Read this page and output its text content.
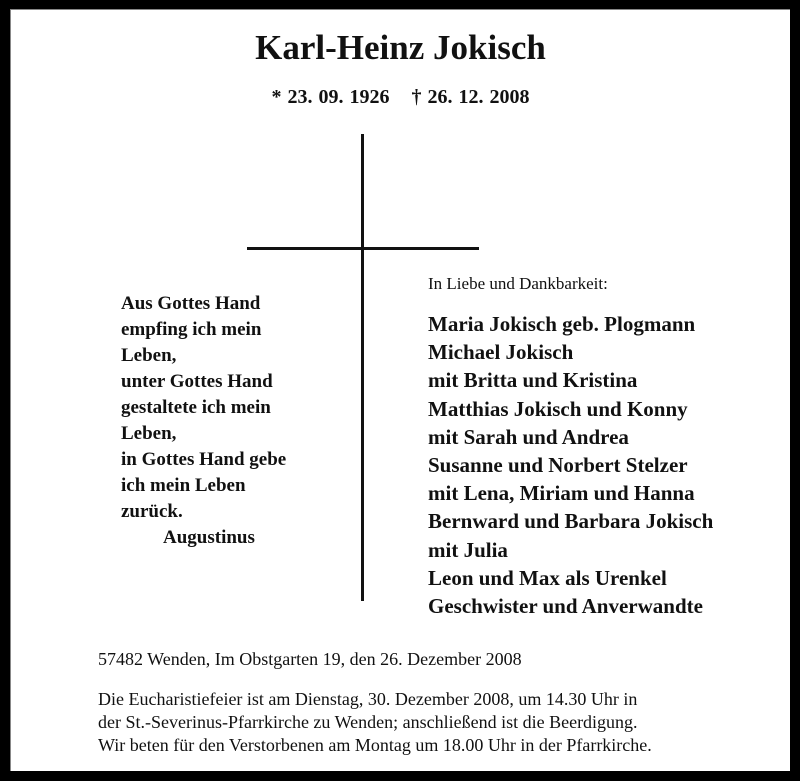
Karl-Heinz Jokisch
* 23. 09. 1926 † 26. 12. 2008
Aus Gottes Hand
empfing ich mein
Leben,
unter Gottes Hand
gestaltete ich mein
Leben,
in Gottes Hand gebe
ich mein Leben
zurück.
Augustinus
In Liebe und Dankbarkeit:
Maria Jokisch geb. Plogmann
Michael Jokisch
mit Britta und Kristina
Matthias Jokisch und Konny
mit Sarah und Andrea
Susanne und Norbert Stelzer
mit Lena, Miriam und Hanna
Bernward und Barbara Jokisch
mit Julia
Leon und Max als Urenkel
Geschwister und Anverwandte
57482 Wenden, Im Obstgarten 19, den 26. Dezember 2008
Die Eucharistiefeier ist am Dienstag, 30. Dezember 2008, um 14.30 Uhr in
der St.-Severinus-Pfarrkirche zu Wenden; anschließend ist die Beerdigung.
Wir beten für den Verstorbenen am Montag um 18.00 Uhr in der Pfarrkirche.
